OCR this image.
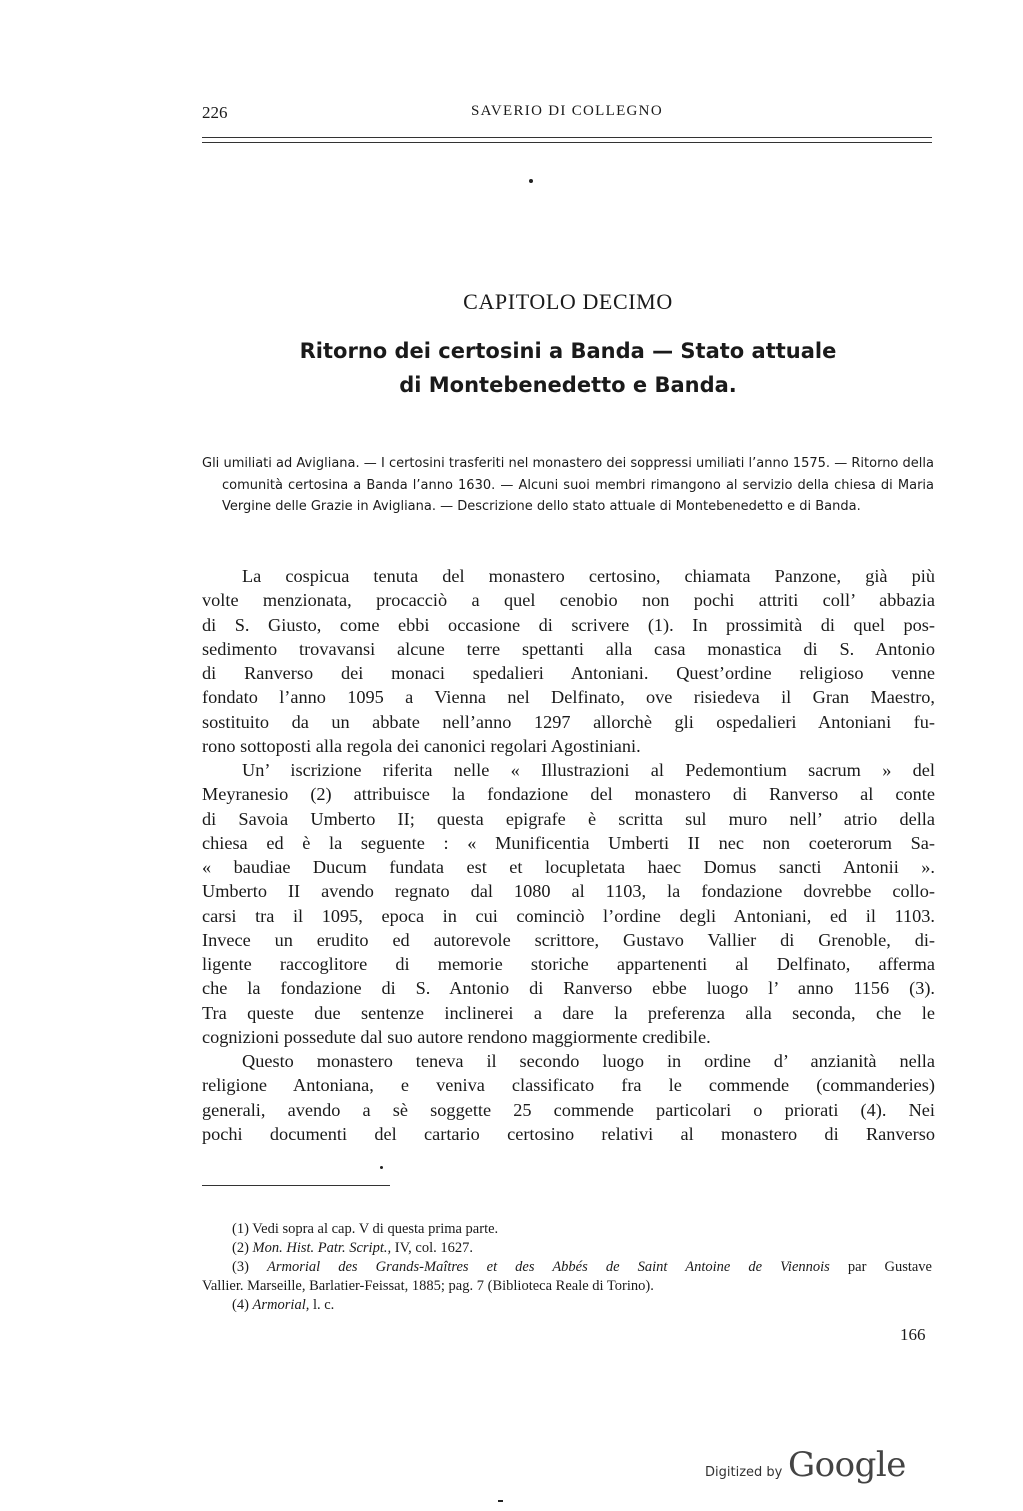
226	SAVERIO DI COLLEGNO
CAPITOLO DECIMO
Ritorno dei certosini a Banda — Stato attuale
di Montebenedetto e Banda.
Gli umiliati ad Avigliana. — I certosini trasferiti nel monastero dei soppressi umiliati l’anno 1575. — Ritorno della comunità certosina a Banda l’anno 1630. — Alcuni suoi membri rimangono al servizio della chiesa di Maria Vergine delle Grazie in Avigliana. — Descrizione dello stato attuale di Montebenedetto e di Banda.

La cospicua tenuta del monastero certosino, chiamata Panzone, già più
volte menzionata, procacciò a quel cenobio non pochi attriti coll’ abbazia
di S. Giusto, come ebbi occasione di scrivere (1). In prossimità di quel pos-
sedimento trovavansi alcune terre spettanti alla casa monastica di S. Antonio
di Ranverso dei monaci spedalieri Antoniani. Quest’ordine religioso venne
fondato l’anno 1095 a Vienna nel Delfinato, ove risiedeva il Gran Maestro,
sostituito da un abbate nell’anno 1297 allorchè gli ospedalieri Antoniani fu-
rono sottoposti alla regola dei canonici regolari Agostiniani.

Un’ iscrizione riferita nelle « Illustrazioni al Pedemontium sacrum » del
Meyranesio (2) attribuisce la fondazione del monastero di Ranverso al conte
di Savoia Umberto II; questa epigrafe è scritta sul muro nell’ atrio della
chiesa ed è la seguente : « Munificentia Umberti II nec non coeterorum Sa-
« baudiae Ducum fundata est et locupletata haec Domus sancti Antonii ».
Umberto II avendo regnato dal 1080 al 1103, la fondazione dovrebbe collo-
carsi tra il 1095, epoca in cui cominciò l’ordine degli Antoniani, ed il 1103.
Invece un erudito ed autorevole scrittore, Gustavo Vallier di Grenoble, di-
ligente raccoglitore di memorie storiche appartenenti al Delfinato, afferma
che la fondazione di S. Antonio di Ranverso ebbe luogo l’ anno 1156 (3).
Tra queste due sentenze inclinerei a dare la preferenza alla seconda, che le
cognizioni possedute dal suo autore rendono maggiormente credibile.

Questo monastero teneva il secondo luogo in ordine d’ anzianità nella
religione Antoniana, e veniva classificato fra le commende (commanderies)
generali, avendo a sè soggette 25 commende particolari o priorati (4). Nei
pochi documenti del cartario certosino relativi al monastero di Ranverso

(1) Vedi sopra al cap. V di questa prima parte.
(2) Mon. Hist. Patr. Script., IV, col. 1627.
(3) Armorial des Grands-Maîtres et des Abbés de Saint Antoine de Viennois par Gustave
Vallier. Marseille, Barlatier-Feissat, 1885; pag. 7 (Biblioteca Reale di Torino).
(4) Armorial, l. c.
166
Digitized by Google
